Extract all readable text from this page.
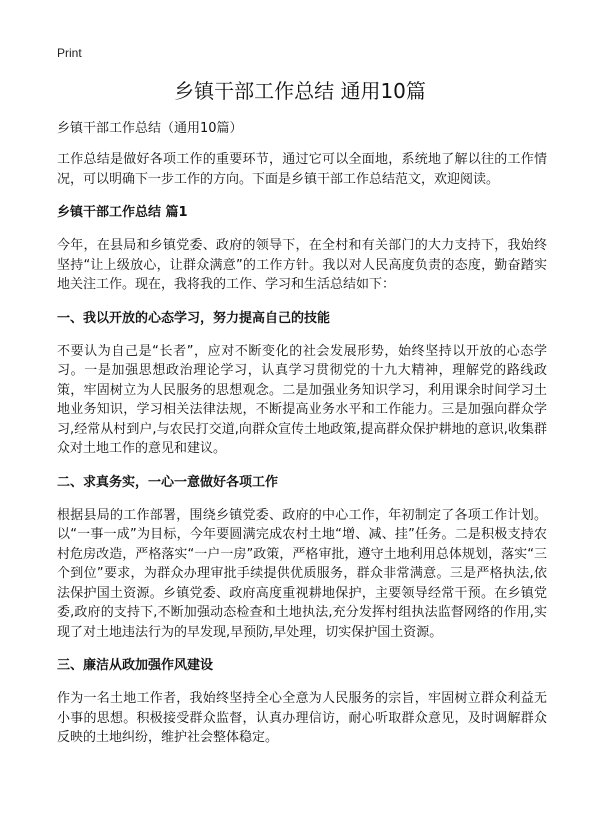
Print
乡镇干部工作总结 通用10篇
乡镇干部工作总结（通用10篇）

工作总结是做好各项工作的重要环节，通过它可以全面地，系统地了解以往的工作情况，可以明确下一步工作的方向。下面是乡镇干部工作总结范文，欢迎阅读。

乡镇干部工作总结 篇1

今年，在县局和乡镇党委、政府的领导下，在全村和有关部门的大力支持下，我始终坚持“让上级放心，让群众满意”的工作方针。我以对人民高度负责的态度，勤奋踏实地关注工作。现在，我将我的工作、学习和生活总结如下：

一、我以开放的心态学习，努力提高自己的技能

不要认为自己是“长者”，应对不断变化的社会发展形势，始终坚持以开放的心态学习。一是加强思想政治理论学习，认真学习贯彻党的十九大精神，理解党的路线政策，牢固树立为人民服务的思想观念。二是加强业务知识学习，利用课余时间学习土地业务知识，学习相关法律法规，不断提高业务水平和工作能力。三是加强向群众学习,经常从村到户,与农民打交道,向群众宣传土地政策,提高群众保护耕地的意识,收集群众对土地工作的意见和建议。

二、求真务实，一心一意做好各项工作

根据县局的工作部署，围绕乡镇党委、政府的中心工作，年初制定了各项工作计划。以“一事一成”为目标，今年要圆满完成农村土地“增、减、挂”任务。二是积极支持农村危房改造，严格落实“一户一房”政策，严格审批，遵守土地利用总体规划，落实“三个到位”要求，为群众办理审批手续提供优质服务，群众非常满意。三是严格执法,依法保护国土资源。乡镇党委、政府高度重视耕地保护，主要领导经常干预。在乡镇党委,政府的支持下,不断加强动态检查和土地执法,充分发挥村组执法监督网络的作用,实现了对土地违法行为的早发现,早预防,早处理，切实保护国土资源。

三、廉洁从政加强作风建设

作为一名土地工作者，我始终坚持全心全意为人民服务的宗旨，牢固树立群众利益无小事的思想。积极接受群众监督，认真办理信访，耐心听取群众意见，及时调解群众反映的土地纠纷，维护社会整体稳定。
